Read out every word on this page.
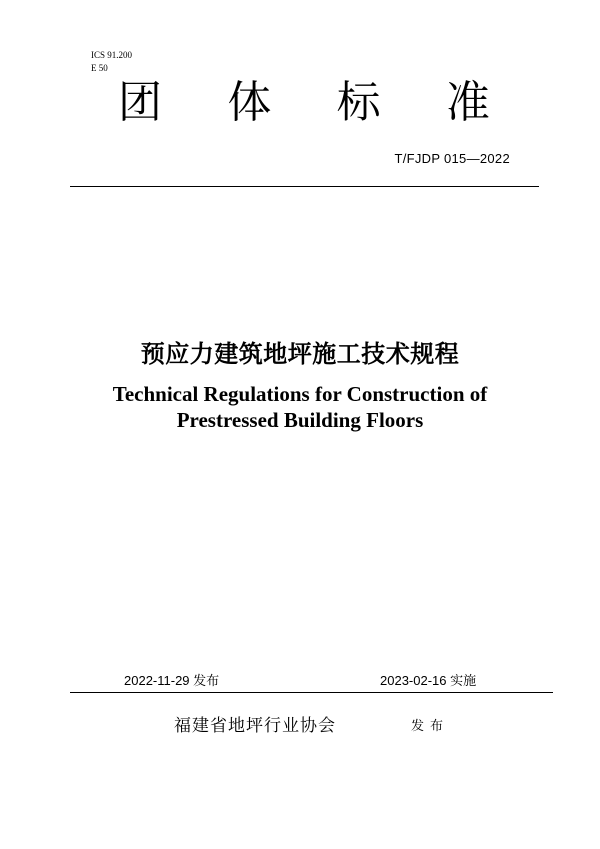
ICS 91.200
E 50
团 体 标 准
T/FJDP 015—2022
预应力建筑地坪施工技术规程
Technical Regulations for Construction of
Prestressed Building Floors
2022-11-29 发布	2023-02-16 实施
福建省地坪行业协会	发布
